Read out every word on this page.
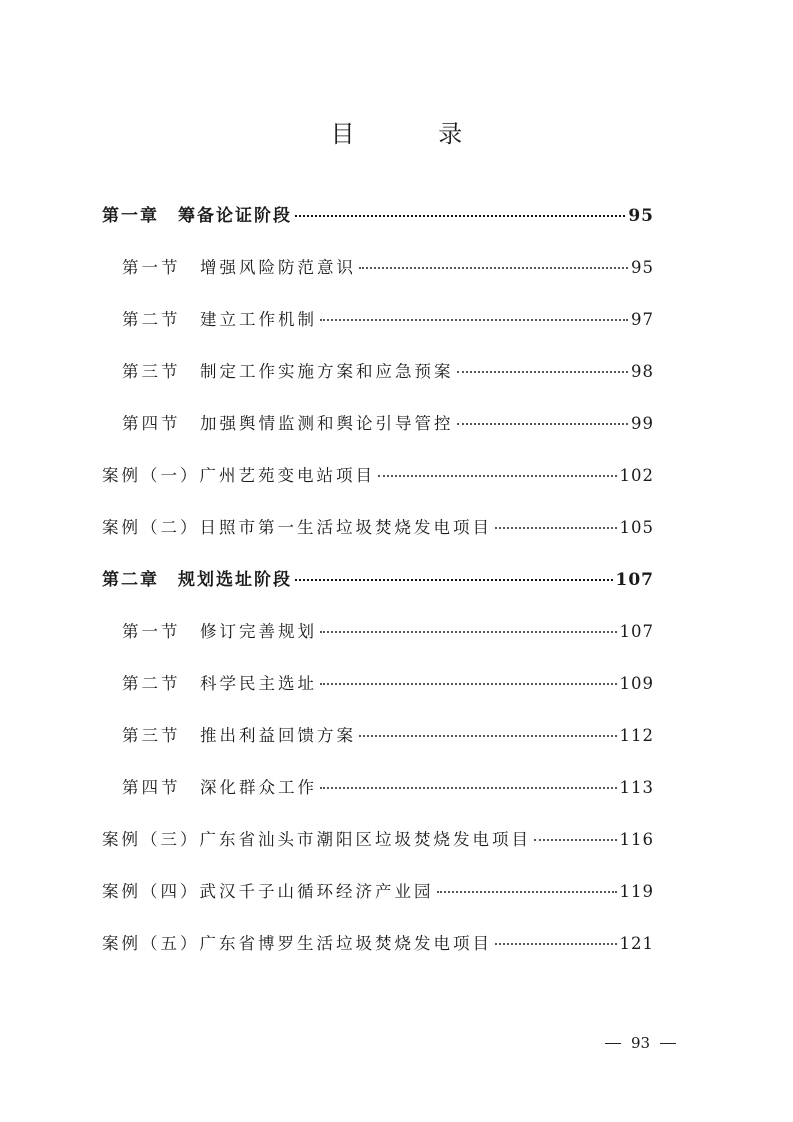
目 录
第一章　筹备论证阶段	95
第一节　增强风险防范意识	95
第二节　建立工作机制	97
第三节　制定工作实施方案和应急预案	98
第四节　加强舆情监测和舆论引导管控	99
案例（一）广州艺苑变电站项目	102
案例（二）日照市第一生活垃圾焚烧发电项目	105
第二章　规划选址阶段	107
第一节　修订完善规划	107
第二节　科学民主选址	109
第三节　推出利益回馈方案	112
第四节　深化群众工作	113
案例（三）广东省汕头市潮阳区垃圾焚烧发电项目	116
案例（四）武汉千子山循环经济产业园	119
案例（五）广东省博罗生活垃圾焚烧发电项目	121
93
